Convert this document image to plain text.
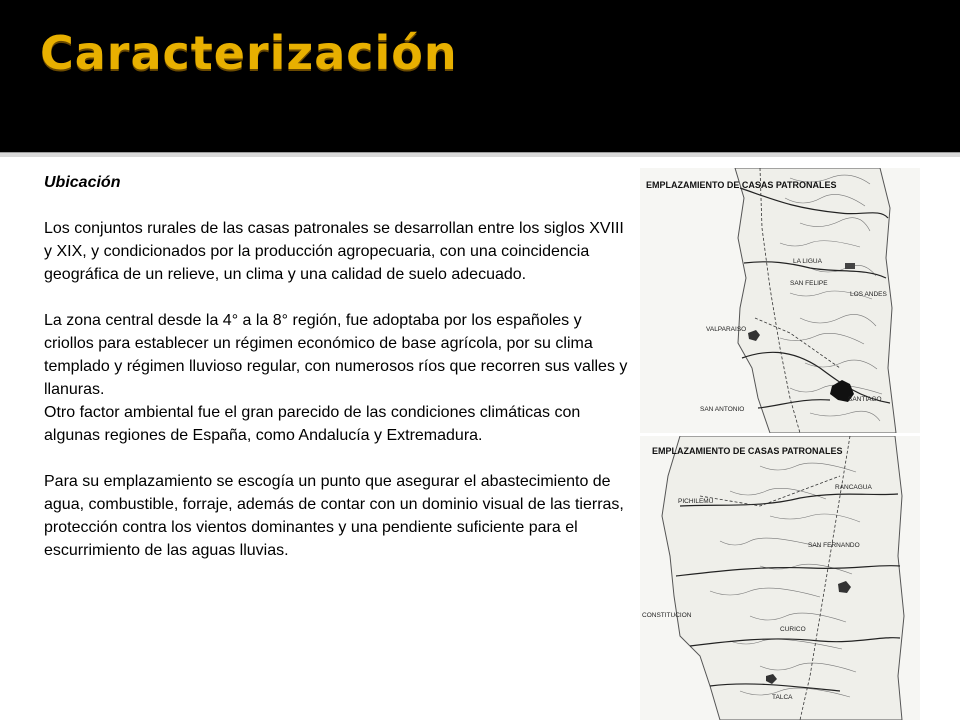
Caracterización
Ubicación

Los conjuntos rurales de las casas patronales se desarrollan entre los siglos XVIII y XIX, y condicionados por la producción agropecuaria, con una coincidencia geográfica de un relieve, un clima y una calidad de suelo adecuado.

La zona central desde la 4° a la 8° región, fue adoptaba por los españoles y criollos para establecer un régimen económico de base agrícola, por su clima templado y régimen lluvioso regular, con numerosos ríos que recorren sus valles y llanuras.

Otro factor ambiental fue el gran parecido de las condiciones climáticas con algunas regiones de España, como Andalucía y Extremadura.

Para su emplazamiento se escogía un punto que asegurar el abastecimiento de agua, combustible, forraje, además de contar con un dominio visual de las tierras, protección contra los vientos dominantes y una pendiente suficiente para el escurrimiento de las aguas lluvias.

EMPLAZAMIENTO DE CASAS PATRONALES
LA LIGUA
SAN FELIPE
LOS ANDES
VALPARAISO
SANTIAGO
SAN ANTONIO
EMPLAZAMIENTO DE CASAS PATRONALES
RANCAGUA
PICHILEMU
SAN FERNANDO
CURICO
CONSTITUCION
TALCA
